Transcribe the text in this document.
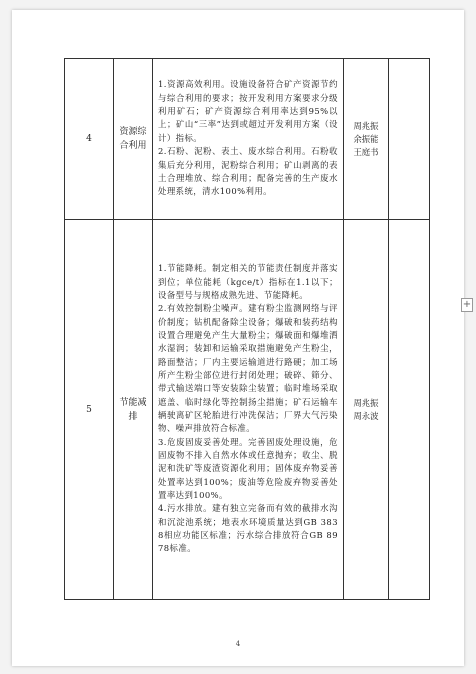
4	资源综合利用	1.资源高效利用。设施设备符合矿产资源节约与综合利用的要求；按开发利用方案要求分级利用矿石；矿产资源综合利用率达到95%以上；矿山“三率”达到或超过开发利用方案（设计）指标。

2.石粉、泥粉、表土、废水综合利用。石粉收集后充分利用，泥粉综合利用；矿山剥离的表土合理堆放、综合利用；配备完善的生产废水处理系统，清水100%利用。	周兆振余振能王庭书	
5	节能减排	1.节能降耗。制定相关的节能责任制度并落实到位；单位能耗（kgce/t）指标在1.1以下；设备型号与规格成熟先进、节能降耗。

2.有效控制粉尘噪声。建有粉尘监测网络与评价制度；钻机配备除尘设备；爆破和装药结构设置合理避免产生大量粉尘；爆破面和爆堆洒水湿润；装卸和运输采取措施避免产生粉尘，路面整洁；厂内主要运输道进行路硬；加工场所产生粉尘部位进行封闭处理；破碎、筛分、带式输送端口等安装除尘装置；临时堆场采取遮盖、临时绿化等控制扬尘措施；矿石运输车辆驶离矿区轮胎进行冲洗保洁；厂界大气污染物、噪声排放符合标准。

3.危废固废妥善处理。完善固废处理设施，危固废物不排入自然水体或任意抛弃；收尘、脱泥和洗矿等废渣资源化利用；固体废弃物妥善处置率达到100%；废油等危险废弃物妥善处置率达到100%。

4.污水排放。建有独立完备而有效的截排水沟和沉淀池系统；地表水环境质量达到GB 3838相应功能区标准；污水综合排放符合GB 8978标准。	周兆振周永波	
+
4
